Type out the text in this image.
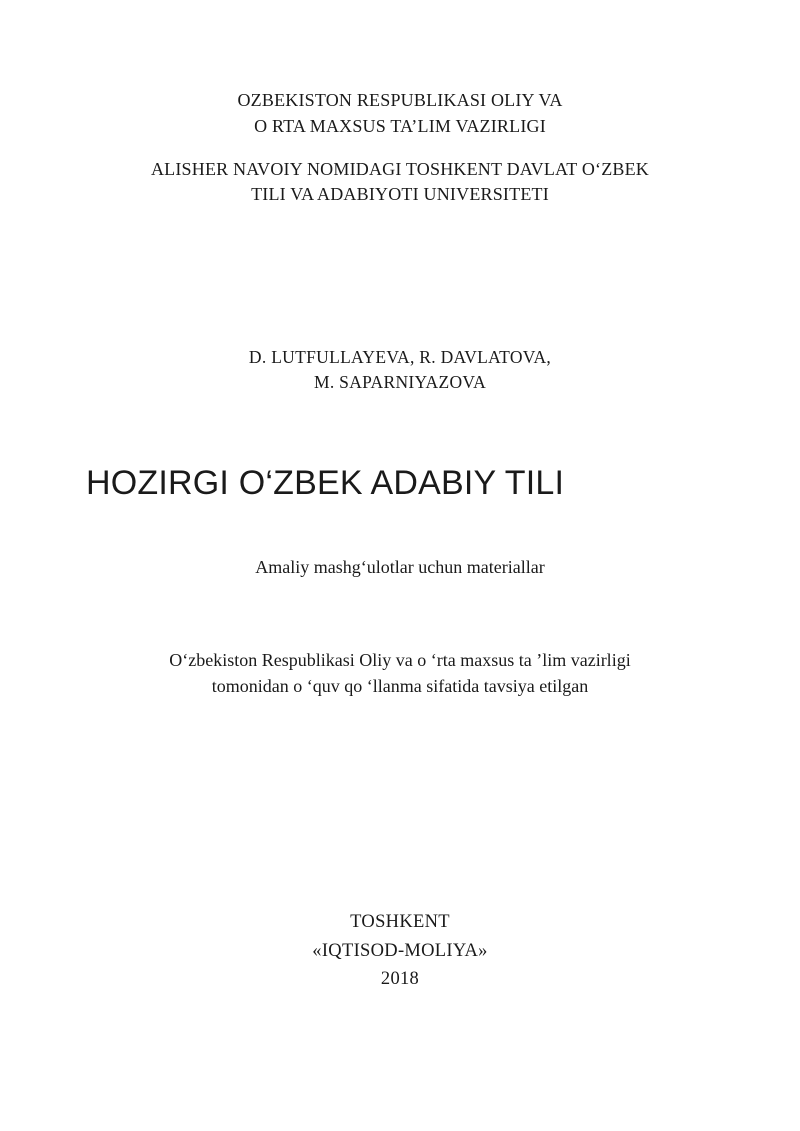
OZBEKISTON RESPUBLIKASI OLIY VA

O RTA MAXSUS TA’LIM VAZIRLIGI

ALISHER NAVOIY NOMIDAGI TOSHKENT DAVLAT O‘ZBEK

TILI VA ADABIYOTI UNIVERSITETI

D. LUTFULLAYEVA, R. DAVLATOVA,

M. SAPARNIYAZOVA

HOZIRGI O‘ZBEK ADABIY TILI

Amaliy mashg‘ulotlar uchun materiallar

O‘zbekiston Respublikasi Oliy va o ‘rta maxsus ta ’lim vazirligi

tomonidan o ‘quv qo ‘llanma sifatida tavsiya etilgan

TOSHKENT

«IQTISOD-MOLIYA»

2018
